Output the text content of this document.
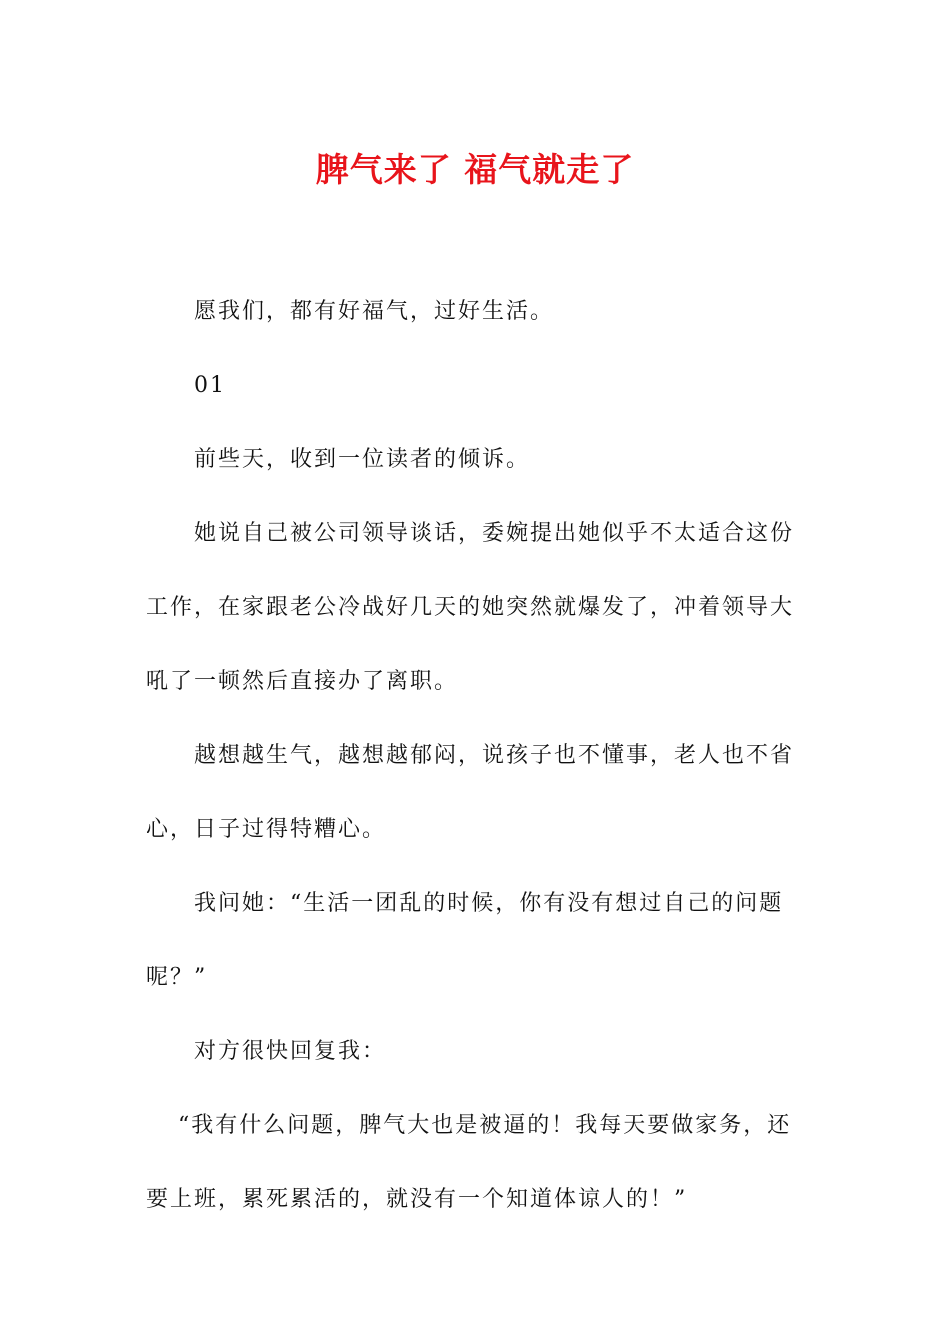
脾气来了 福气就走了

愿我们，都有好福气，过好生活。

01

前些天，收到一位读者的倾诉。

她说自己被公司领导谈话，委婉提出她似乎不太适合这份工作，在家跟老公冷战好几天的她突然就爆发了，冲着领导大吼了一顿然后直接办了离职。

越想越生气，越想越郁闷，说孩子也不懂事，老人也不省心，日子过得特糟心。

我问她：“生活一团乱的时候，你有没有想过自己的问题呢？”

对方很快回复我：

“我有什么问题，脾气大也是被逼的！我每天要做家务，还要上班，累死累活的，就没有一个知道体谅人的！”
